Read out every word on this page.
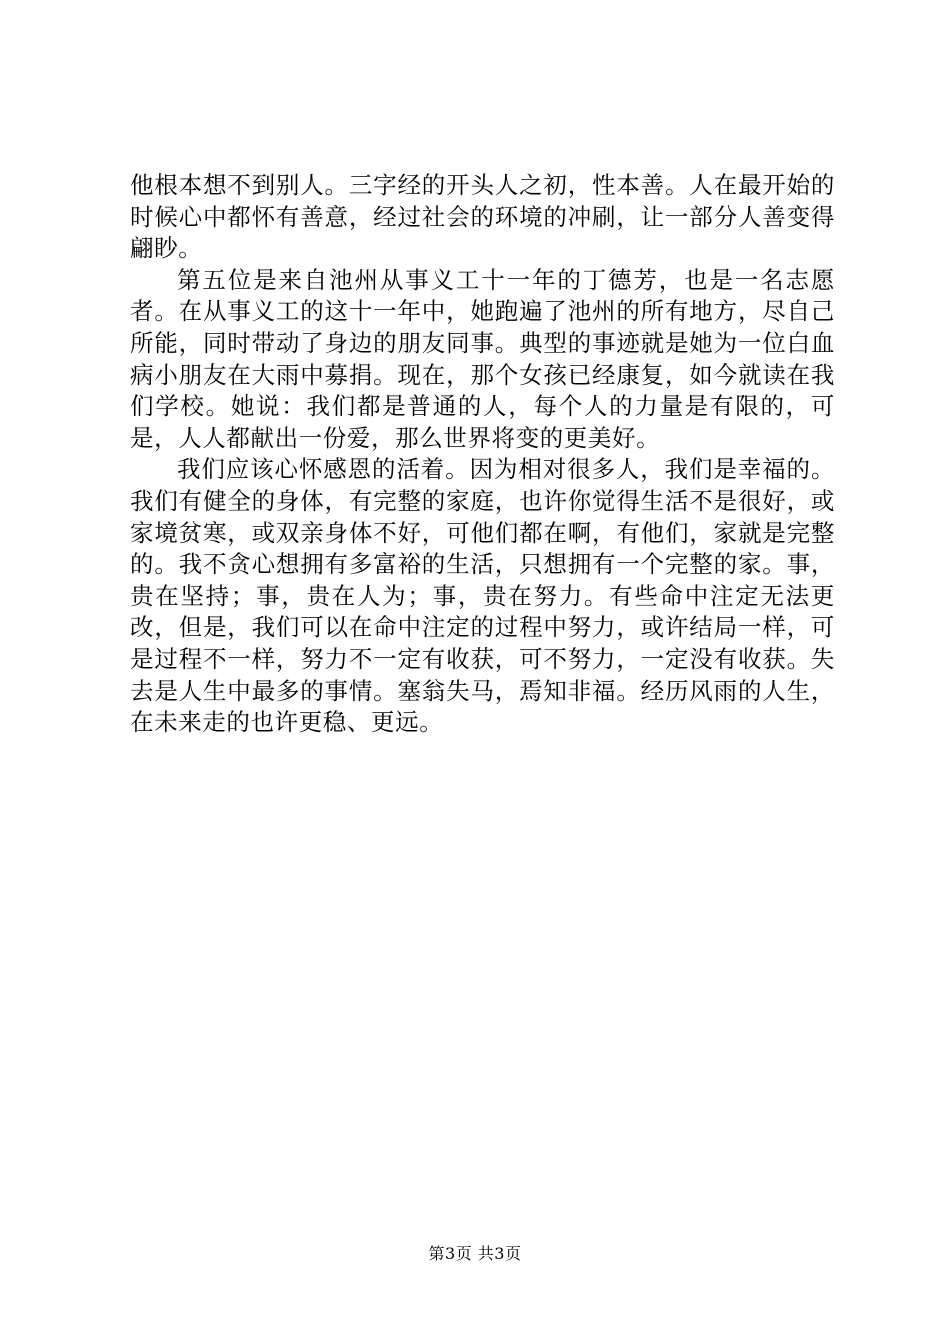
他根本想不到别人。三字经的开头人之初，性本善。人在最开始的时候心中都怀有善意，经过社会的环境的冲刷，让一部分人善变得翩眇。

第五位是来自池州从事义工十一年的丁德芳，也是一名志愿者。在从事义工的这十一年中，她跑遍了池州的所有地方，尽自己所能，同时带动了身边的朋友同事。典型的事迹就是她为一位白血病小朋友在大雨中募捐。现在，那个女孩已经康复，如今就读在我们学校。她说：我们都是普通的人，每个人的力量是有限的，可是，人人都献出一份爱，那么世界将变的更美好。

我们应该心怀感恩的活着。因为相对很多人，我们是幸福的。我们有健全的身体，有完整的家庭，也许你觉得生活不是很好，或家境贫寒，或双亲身体不好，可他们都在啊，有他们，家就是完整的。我不贪心想拥有多富裕的生活，只想拥有一个完整的家。事，贵在坚持；事，贵在人为；事，贵在努力。有些命中注定无法更改，但是，我们可以在命中注定的过程中努力，或许结局一样，可是过程不一样，努力不一定有收获，可不努力，一定没有收获。失去是人生中最多的事情。塞翁失马，焉知非福。经历风雨的人生，在未来走的也许更稳、更远。

第3页 共3页
